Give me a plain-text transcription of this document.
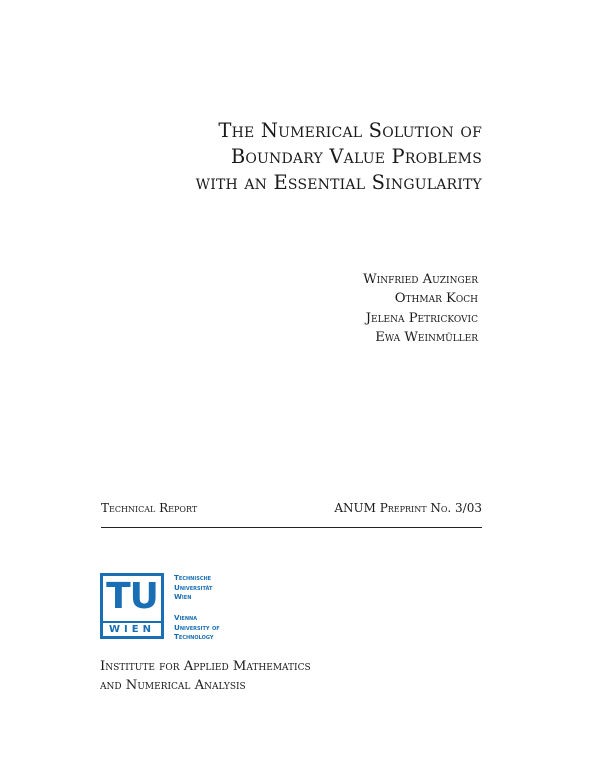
The Numerical Solution of
Boundary Value Problems
with an Essential Singularity
Winfried Auzinger
Othmar Koch
Jelena Petrickovic
Ewa Weinmüller
Technical Report	ANUM Preprint No. 3/03
TU
WIEN
Technische
Universität
Wien
Vienna
University of
Technology
Institute for Applied Mathematics
and Numerical Analysis
